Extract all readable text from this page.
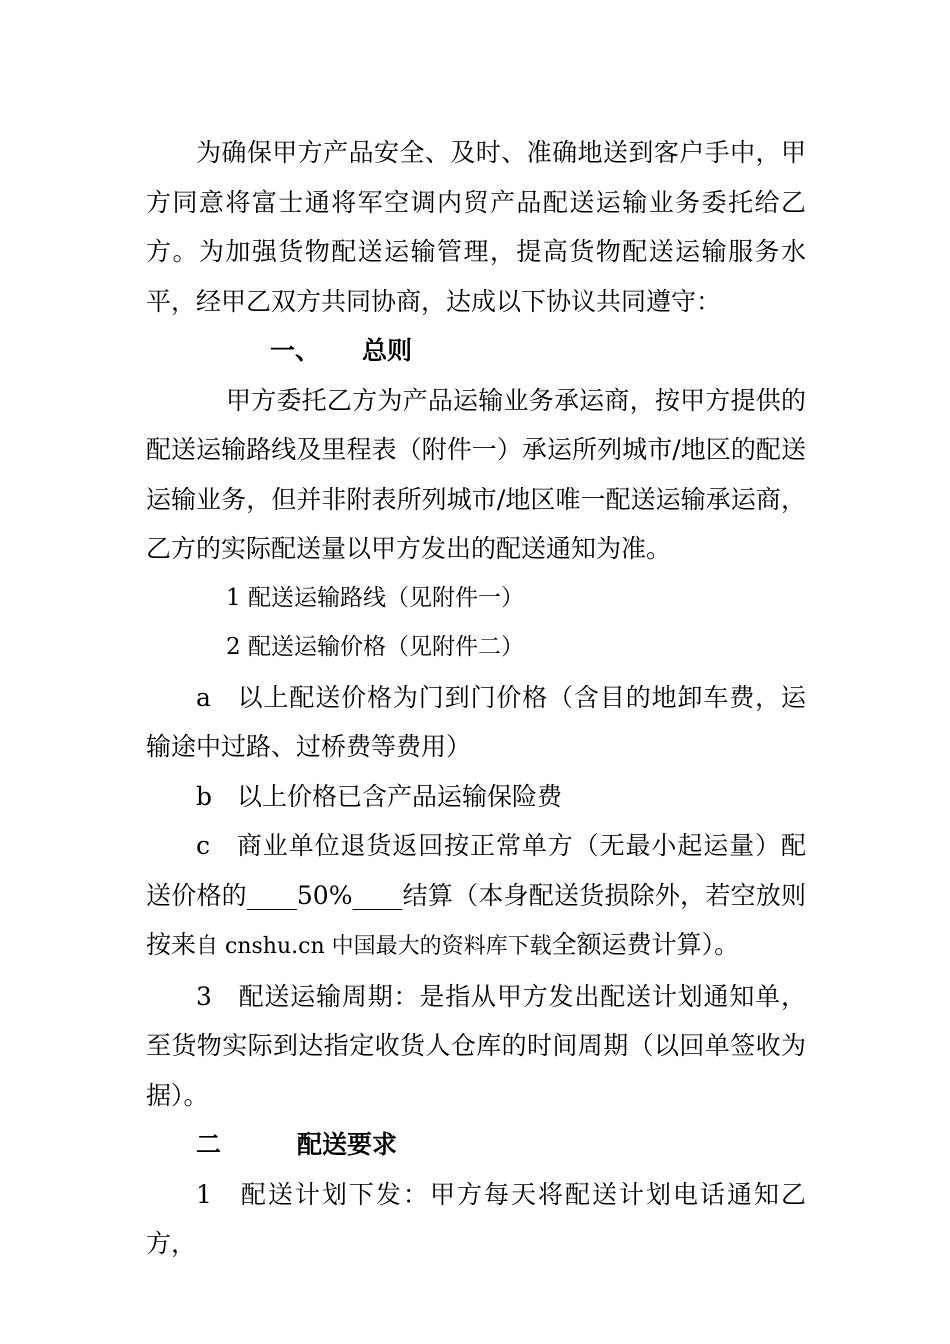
为确保甲方产品安全、及时、准确地送到客户手中，甲方同意将富士通将军空调内贸产品配送运输业务委托给乙方。为加强货物配送运输管理，提高货物配送运输服务水平，经甲乙双方共同协商，达成以下协议共同遵守：

一、 总则

甲方委托乙方为产品运输业务承运商，按甲方提供的配送运输路线及里程表（附件一）承运所列城市/地区的配送运输业务，但并非附表所列城市/地区唯一配送运输承运商，乙方的实际配送量以甲方发出的配送通知为准。

1 配送运输路线（见附件一）

2 配送运输价格（见附件二）

a　以上配送价格为门到门价格（含目的地卸车费，运输途中过路、过桥费等费用）

b　以上价格已含产品运输保险费

c　商业单位退货返回按正常单方（无最小起运量）配送价格的____50%____结算（本身配送货损除外，若空放则按来自 cnshu.cn 中国最大的资料库下载全额运费计算）。

3　配送运输周期：是指从甲方发出配送计划通知单，至货物实际到达指定收货人仓库的时间周期（以回单签收为据）。

二	配送要求

1　配送计划下发：甲方每天将配送计划电话通知乙方，
